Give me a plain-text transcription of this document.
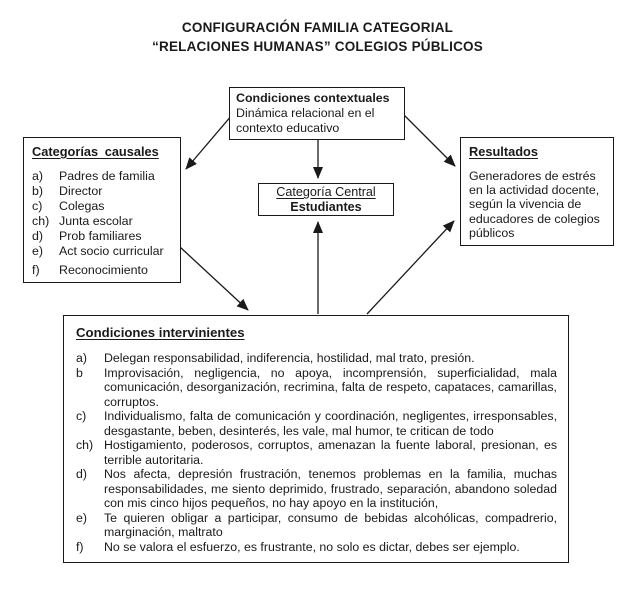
CONFIGURACIÓN FAMILIA CATEGORIAL
“RELACIONES HUMANAS” COLEGIOS PÚBLICOS
Condiciones contextuales
Dinámica relacional en el contexto educativo
Categorías causales
a)	Padres de familia
b)	Director
c)	Colegas
ch) Junta escolar
d)	Prob familiares
e)	Act socio curricular
f)	Reconocimiento
Resultados
Generadores de estrés en la actividad docente, según la vivencia de educadores de colegios públicos
Categoría Central
Estudiantes
Condiciones intervinientes
a)	Delegan responsabilidad, indiferencia, hostilidad, mal trato, presión.
b	Improvisación, negligencia, no apoya, incomprensión, superficialidad, mala comunicación, desorganización, recrimina, falta de respeto, capataces, camarillas, corruptos.
c)	Individualismo, falta de comunicación y coordinación, negligentes, irresponsables, desgastante, beben, desinterés, les vale, mal humor, te critican de todo
ch) Hostigamiento, poderosos, corruptos, amenazan la fuente laboral, presionan, es terrible autoritaria.
d)	Nos afecta, depresión frustración, tenemos problemas en la familia, muchas responsabilidades, me siento deprimido, frustrado, separación, abandono soledad con mis cinco hijos pequeños, no hay apoyo en la institución,
e)	Te quieren obligar a participar, consumo de bebidas alcohólicas, compadrerio, marginación, maltrato
f)	No se valora el esfuerzo, es frustrante, no solo es dictar, debes ser ejemplo.
